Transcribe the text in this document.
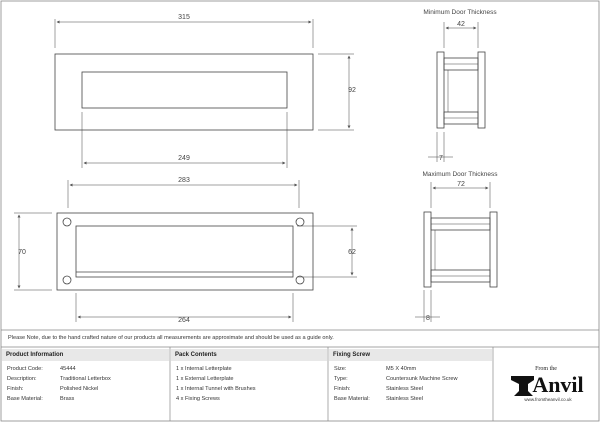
315
92
249
283
70	62
264
Minimum Door Thickness
42
7
Maximum Door Thickness
72
8
From the
Anvil
www.fromtheanvil.co.uk
Please Note, due to the hand crafted nature of our products all measurements are approximate and should be used as a guide only.
Product Information
Product Code:	45444
Description:	Traditional Letterbox
Finish:	Polished Nickel
Base Material:	Brass
Pack Contents
1 x Internal Letterplate
1 x External Letterplate
1 x Internal Tunnel with Brushes
4 x Fixing Screws
Fixing Screw
Size:	M5 X 40mm
Type:	Countersunk Machine Screw
Finish:	Stainless Steel
Base Material:	Stainless Steel
